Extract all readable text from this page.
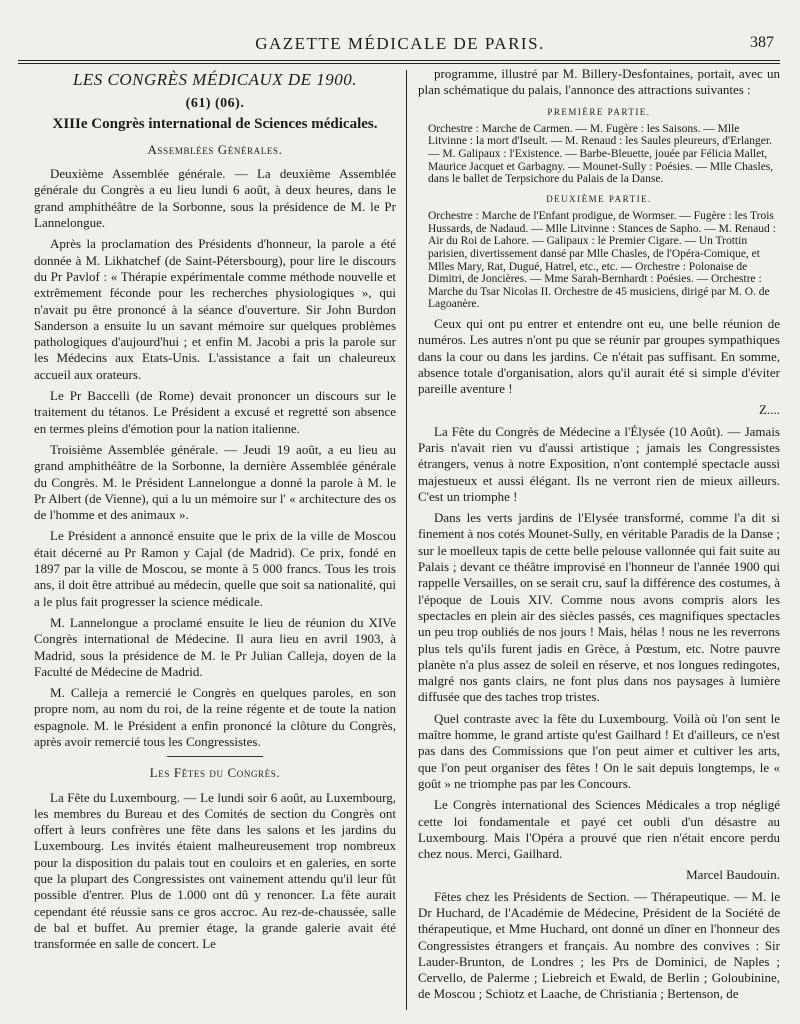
GAZETTE MÉDICALE DE PARIS.	387
LES CONGRÈS MÉDICAUX DE 1900.
(61) (06).
XIIIe Congrès international de Sciences médicales.
Assemblées Générales.

Deuxième Assemblée générale. — La deuxième Assemblée générale du Congrès a eu lieu lundi 6 août, à deux heures, dans le grand amphithéâtre de la Sorbonne, sous la présidence de M. le Pr Lannelongue.

Après la proclamation des Présidents d'honneur, la parole a été donnée à M. Likhatchef (de Saint-Pétersbourg), pour lire le discours du Pr Pavlof : « Thérapie expérimentale comme méthode nouvelle et extrêmement féconde pour les recherches physiologiques », qui n'avait pu être prononcé à la séance d'ouverture. Sir John Burdon Sanderson a ensuite lu un savant mémoire sur quelques problèmes pathologiques d'aujourd'hui ; et enfin M. Jacobi a pris la parole sur les Médecins aux Etats-Unis. L'assistance a fait un chaleureux accueil aux orateurs.

Le Pr Baccelli (de Rome) devait prononcer un discours sur le traitement du tétanos. Le Président a excusé et regretté son absence en termes pleins d'émotion pour la nation italienne.

Troisième Assemblée générale. — Jeudi 19 août, a eu lieu au grand amphithéâtre de la Sorbonne, la dernière Assemblée générale du Congrès. M. le Président Lannelongue a donné la parole à M. le Pr Albert (de Vienne), qui a lu un mémoire sur l' « architecture des os de l'homme et des animaux ».

Le Président a annoncé ensuite que le prix de la ville de Moscou était décerné au Pr Ramon y Cajal (de Madrid). Ce prix, fondé en 1897 par la ville de Moscou, se monte à 5 000 francs. Tous les trois ans, il doit être attribué au médecin, quelle que soit sa nationalité, qui a le plus fait progresser la science médicale.

M. Lannelongue a proclamé ensuite le lieu de réunion du XIVe Congrès international de Médecine. Il aura lieu en avril 1903, à Madrid, sous la présidence de M. le Pr Julian Calleja, doyen de la Faculté de Médecine de Madrid.

M. Calleja a remercié le Congrès en quelques paroles, en son propre nom, au nom du roi, de la reine régente et de toute la nation espagnole. M. le Président a enfin prononcé la clôture du Congrès, après avoir remercié tous les Congressistes.

Les Fêtes du Congrès.

La Fête du Luxembourg. — Le lundi soir 6 août, au Luxembourg, les membres du Bureau et des Comités de section du Congrès ont offert à leurs confrères une fête dans les salons et les jardins du Luxembourg. Les invités étaient malheureusement trop nombreux pour la disposition du palais tout en couloirs et en galeries, en sorte que la plupart des Congressistes ont vainement attendu qu'il leur fût possible d'entrer. Plus de 1.000 ont dû y renoncer. La fête aurait cependant été réussie sans ce gros accroc. Au rez-de-chaussée, salle de bal et buffet. Au premier étage, la grande galerie avait été transformée en salle de concert. Le

programme, illustré par M. Billery-Desfontaines, portait, avec un plan schématique du palais, l'annonce des attractions suivantes :

PREMIÈRE PARTIE.

Orchestre : Marche de Carmen. — M. Fugère : les Saisons. — Mlle Litvinne : la mort d'Iseult. — M. Renaud : les Saules pleureurs, d'Erlanger. — M. Galipaux : l'Existence. — Barbe-Bleuette, jouée par Félicia Mallet, Maurice Jacquet et Garbagny. — Mounet-Sully : Poésies. — Mlle Chasles, dans le ballet de Terpsichore du Palais de la Danse.

DEUXIÈME PARTIE.

Orchestre : Marche de l'Enfant prodigue, de Wormser. — Fugère : les Trois Hussards, de Nadaud. — Mlle Litvinne : Stances de Sapho. — M. Renaud : Air du Roi de Lahore. — Galipaux : le Premier Cigare. — Un Trottin parisien, divertissement dansé par Mlle Chasles, de l'Opéra-Comique, et Mlles Mary, Rat, Dugué, Hatrel, etc., etc. — Orchestre : Polonaise de Dimitri, de Joncières. — Mme Sarah-Bernhardt : Poésies. — Orchestre : Marche du Tsar Nicolas II. Orchestre de 45 musiciens, dirigé par M. O. de Lagoanère.

Ceux qui ont pu entrer et entendre ont eu, une belle réunion de numéros. Les autres n'ont pu que se réunir par groupes sympathiques dans la cour ou dans les jardins. Ce n'était pas suffisant. En somme, absence totale d'organisation, alors qu'il aurait été si simple d'éviter pareille aventure !

Z....

La Fête du Congrès de Médecine a l'Élysée (10 Août). — Jamais Paris n'avait rien vu d'aussi artistique ; jamais les Congressistes étrangers, venus à notre Exposition, n'ont contemplé spectacle aussi majestueux et aussi élégant. Ils ne verront rien de mieux ailleurs. C'est un triomphe !

Dans les verts jardins de l'Elysée transformé, comme l'a dit si finement à nos cotés Mounet-Sully, en véritable Paradis de la Danse ; sur le moelleux tapis de cette belle pelouse vallonnée qui fait suite au Palais ; devant ce théâtre improvisé en l'honneur de l'année 1900 qui rappelle Versailles, on se serait cru, sauf la différence des costumes, à l'époque de Louis XIV. Comme nous avons compris alors les spectacles en plein air des siècles passés, ces magnifiques spectacles un peu trop oubliés de nos jours ! Mais, hélas ! nous ne les reverrons plus tels qu'ils furent jadis en Grèce, à Pœstum, etc. Notre pauvre planète n'a plus assez de soleil en réserve, et nos longues redingotes, malgré nos gants clairs, ne font plus dans nos paysages à lumière diffusée que des taches trop tristes.

Quel contraste avec la fête du Luxembourg. Voilà où l'on sent le maître homme, le grand artiste qu'est Gailhard ! Et d'ailleurs, ce n'est pas dans des Commissions que l'on peut aimer et cultiver les arts, que l'on peut organiser des fêtes ! On le sait depuis longtemps, le « goût » ne triomphe pas par les Concours.

Le Congrès international des Sciences Médicales a trop négligé cette loi fondamentale et payé cet oubli d'un désastre au Luxembourg. Mais l'Opéra a prouvé que rien n'était encore perdu chez nous. Merci, Gailhard.

Marcel Baudouin.

Fêtes chez les Présidents de Section. — Thérapeutique. — M. le Dr Huchard, de l'Académie de Médecine, Président de la Société de thérapeutique, et Mme Huchard, ont donné un dîner en l'honneur des Congressistes étrangers et français. Au nombre des convives : Sir Lauder-Brunton, de Londres ; les Prs de Dominici, de Naples ; Cervello, de Palerme ; Liebreich et Ewald, de Berlin ; Goloubinine, de Moscou ; Schiotz et Laache, de Christiania ; Bertenson, de
